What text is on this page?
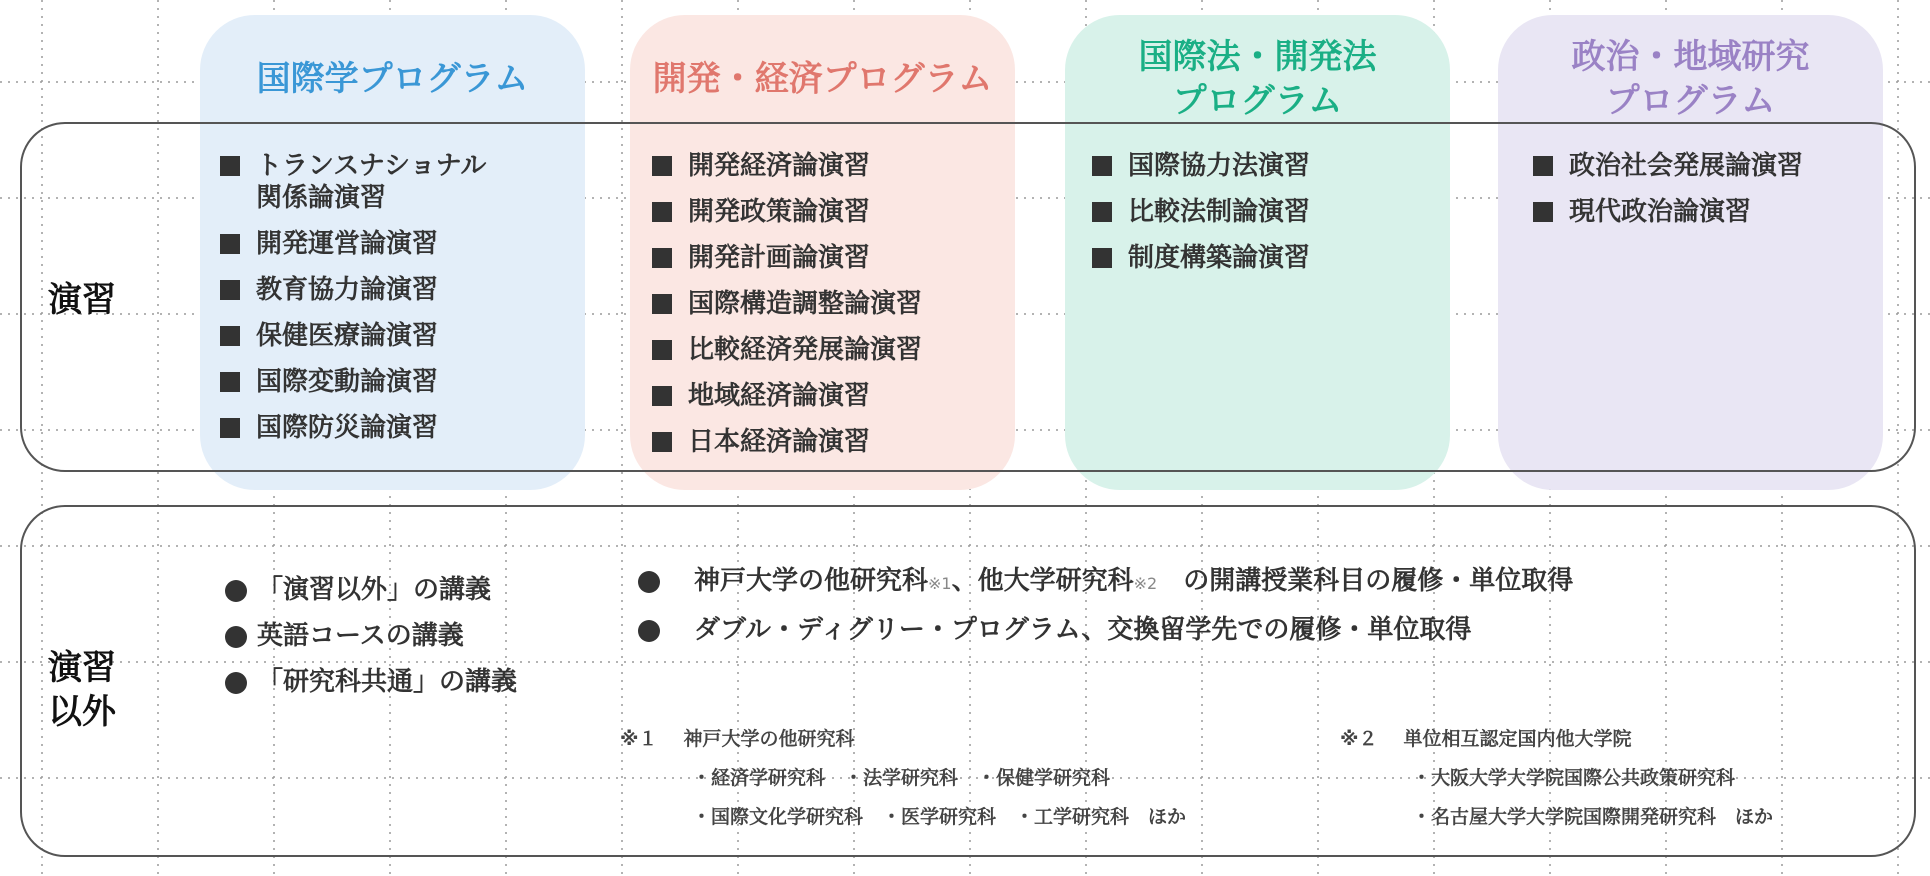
国際学プログラム
トランスナショナル
関係論演習
開発運営論演習
教育協力論演習
保健医療論演習
国際変動論演習
国際防災論演習
開発・経済プログラム
開発経済論演習
開発政策論演習
開発計画論演習
国際構造調整論演習
比較経済発展論演習
地域経済論演習
日本経済論演習
国際法・開発法
プログラム
国際協力法演習
比較法制論演習
制度構築論演習
政治・地域研究
プログラム
政治社会発展論演習
現代政治論演習
演習
演習
以外
「演習以外」の講義
英語コースの講義
「研究科共通」の講義
神戸大学の他研究科※1、他大学研究科※2　 の開講授業科目の履修・単位取得
ダブル・ディグリー・プログラム、交換留学先での履修・単位取得
※１ 神戸大学の他研究科
・経済学研究科　・法学研究科　・保健学研究科
・国際文化学研究科　・医学研究科　・工学研究科　ほか
※２ 単位相互認定国内他大学院
・大阪大学大学院国際公共政策研究科
・名古屋大学大学院国際開発研究科　ほか
